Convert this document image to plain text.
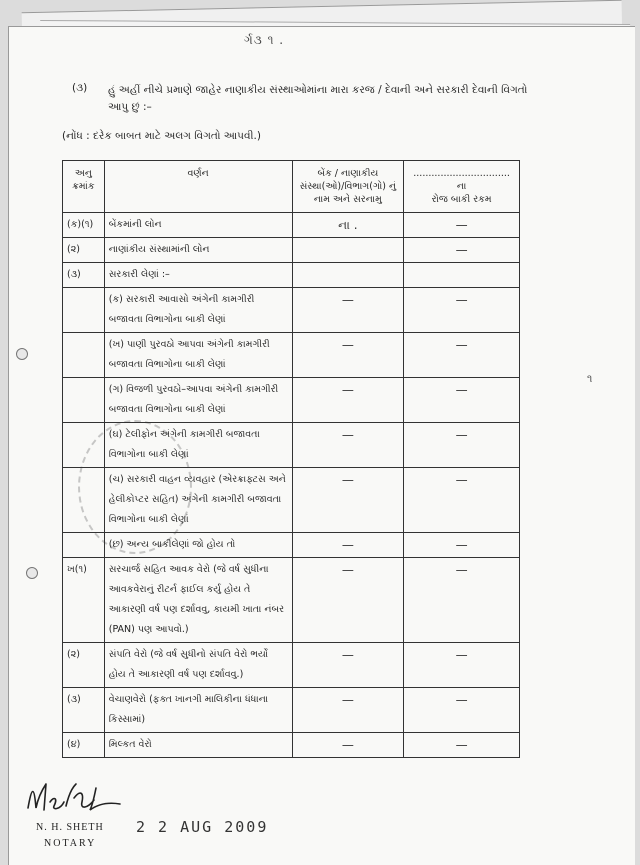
ર્ગ૩ ૧ .
(૩) હું અહીં નીચે પ્રમાણે જાહેર નાણાકીય સંસ્થાઓમાંના મારા કરજ / દેવાની અને સરકારી દેવાની વિગતો આપુ છું :–
(નોંધ : દરેક બાબત માટે અલગ વિગતો આપવી.)
અનુ ક્રમાંક	વર્ણન	બેંક / નાણાકીય સંસ્થા(ઓ)/વિભાગ(ગો) નું નામ અને સરનામુ	................................ ના
રોજ બાકી રકમ

(ક)(૧)	બેંકમાંની લોન	ના .	—
(૨)	નાણાંકીય સંસ્થામાંની લોન		—
(૩)	સરકારી લેણાં :–		
	(ક) સરકારી આવાસો અંગેની કામગીરી બજાવતા વિભાગોના બાકી લેણાં	—	—
	(ખ) પાણી પુરવઠો આપવા અંગેની કામગીરી બજાવતા વિભાગોના બાકી લેણાં	—	—
	(ગ) વિજળી પુરવઠો–આપવા અંગેની કામગીરી બજાવતા વિભાગોના બાકી લેણાં	—	—
	(ઘ) ટેલીફોન અંગેની કામગીરી બજાવતા વિભાગોના બાકી લેણાં	—	—
	(ચ) સરકારી વાહન વ્યવહાર (એરક્રાફ્ટસ અને હેલીકોપ્ટર સહિત) અંગેની કામગીરી બજાવતા વિભાગોના બાકી લેણાં	—	—
	(છ) અન્ય બાકીલેણાં જો હોય તો	—	—
ખ(૧)	સરચાર્જ સહિત આવક વેરો (જે વર્ષ સુધીના આવકવેરાનું રીટર્ન ફાઈલ કર્યુ હોય તે આકારણી વર્ષ પણ દર્શાવવુ, કાયમી ખાતા નંબર (PAN) પણ આપવો.)	—	—
(૨)	સંપતિ વેરો (જે વર્ષ સુધીનો સંપતિ વેરો ભર્યો હોય તે આકારણી વર્ષ પણ દર્શાવવુ.)	—	—
(૩)	વેચાણવેરો (ફક્ત ખાનગી માલિકીના ધંધાના કિસ્સામાં)	—	—
(૪)	મિલ્કત વેરો	—	—
૧
N. H. SHETH
NOTARY
2 2 AUG 2009
